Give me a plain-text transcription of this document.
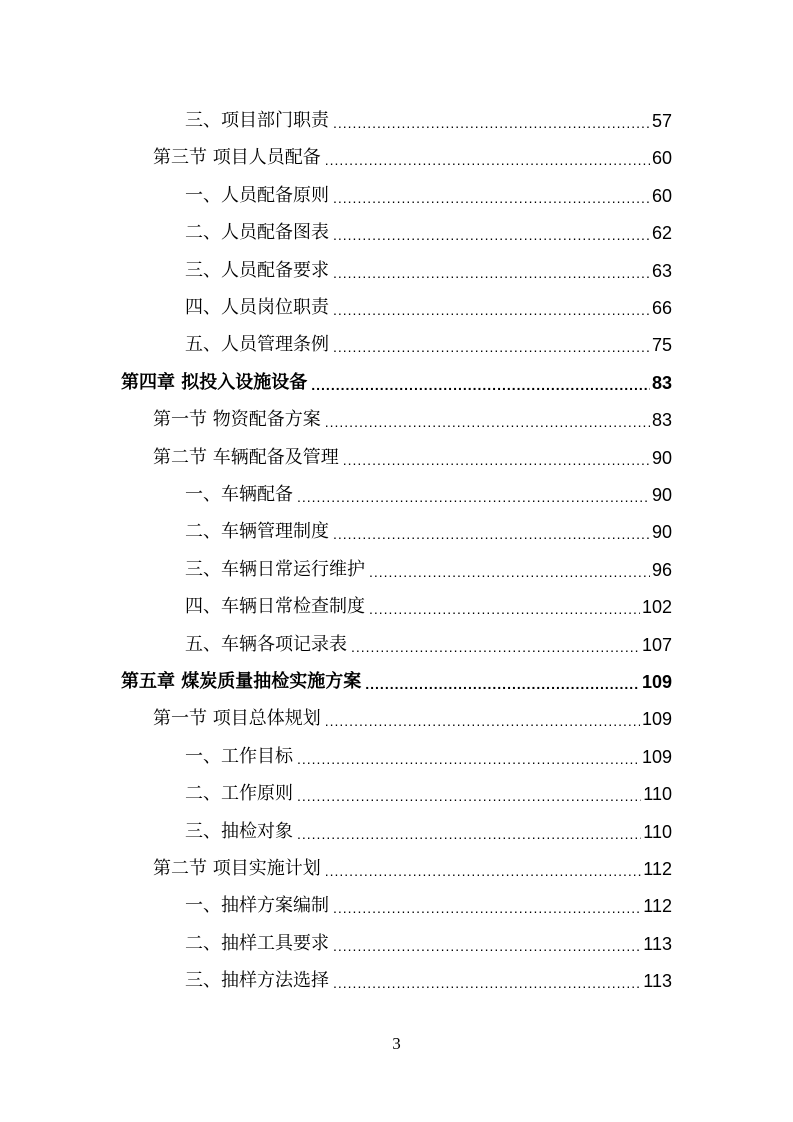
三、项目部门职责 .....	57
第三节 项目人员配备 .....	60
一、人员配备原则 .....	60
二、人员配备图表 .....	62
三、人员配备要求 .....	63
四、人员岗位职责 .....	66
五、人员管理条例 .....	75
第四章 拟投入设施设备 .....	83
第一节 物资配备方案 .....	83
第二节 车辆配备及管理 .....	90
一、车辆配备 .....	90
二、车辆管理制度 .....	90
三、车辆日常运行维护 .....	96
四、车辆日常检查制度 .....	102
五、车辆各项记录表 .....	107
第五章 煤炭质量抽检实施方案 .....	109
第一节 项目总体规划 .....	109
一、工作目标 .....	109
二、工作原则 .....	110
三、抽检对象 .....	110
第二节 项目实施计划 .....	112
一、抽样方案编制 .....	112
二、抽样工具要求 .....	113
三、抽样方法选择 .....	113
3
